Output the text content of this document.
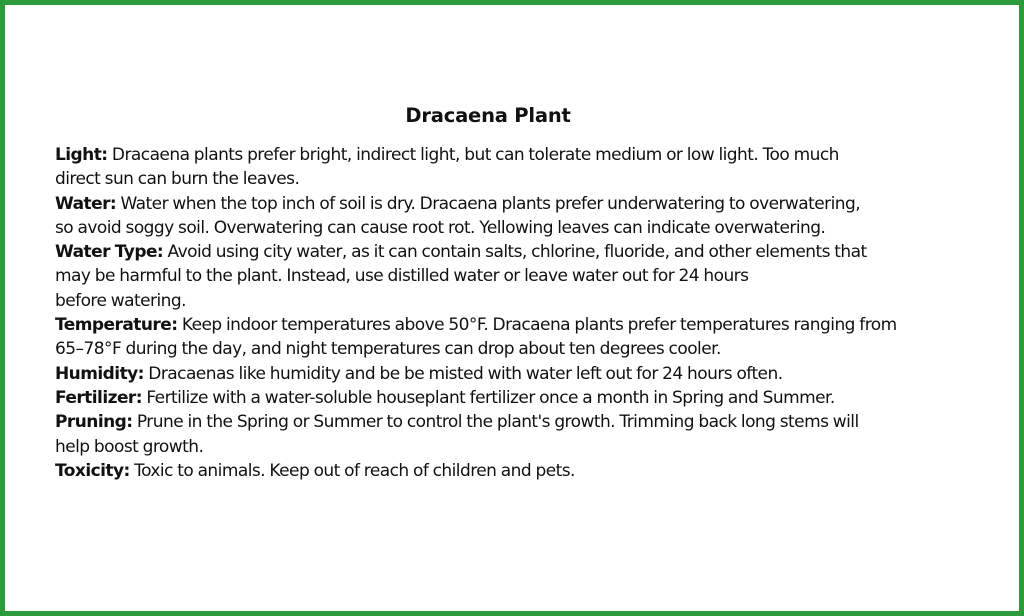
Dracaena Plant

Light: Dracaena plants prefer bright, indirect light, but can tolerate medium or low light. Too much
direct sun can burn the leaves.

Water: Water when the top inch of soil is dry. Dracaena plants prefer underwatering to overwatering,
so avoid soggy soil. Overwatering can cause root rot. Yellowing leaves can indicate overwatering.

Water Type: Avoid using city water, as it can contain salts, chlorine, fluoride, and other elements that
may be harmful to the plant. Instead, use distilled water or leave water out for 24 hours
before watering.

Temperature: Keep indoor temperatures above 50°F. Dracaena plants prefer temperatures ranging from
65–78°F during the day, and night temperatures can drop about ten degrees cooler.

Humidity: Dracaenas like humidity and be be misted with water left out for 24 hours often.

Fertilizer: Fertilize with a water-soluble houseplant fertilizer once a month in Spring and Summer.

Pruning: Prune in the Spring or Summer to control the plant's growth. Trimming back long stems will
help boost growth.

Toxicity: Toxic to animals. Keep out of reach of children and pets.
